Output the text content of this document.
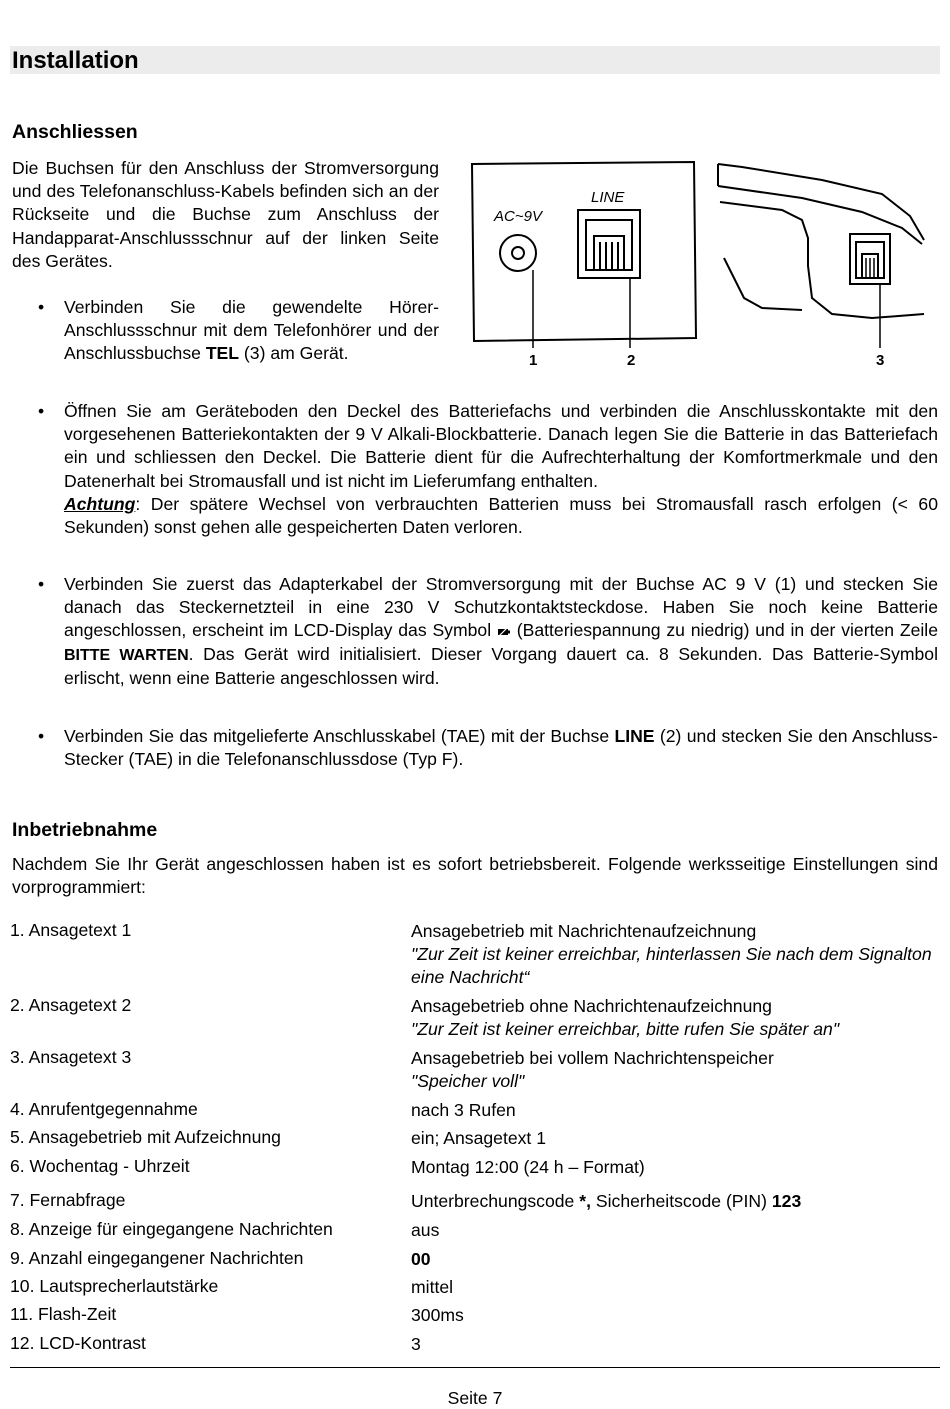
Installation
Anschliessen

Die Buchsen für den Anschluss der Stromversorgung und des Telefonanschluss-Kabels befinden sich an der Rückseite und die Buchse zum Anschluss der Handapparat-Anschlussschnur auf der linken Seite des Gerätes.

• Verbinden Sie die gewendelte Hörer-Anschlussschnur mit dem Telefonhörer und der Anschlussbuchse TEL (3) am Gerät.
AC~9V
LINE
1	2	3
• Öffnen Sie am Geräteboden den Deckel des Batteriefachs und verbinden die Anschlusskontakte mit den vorgesehenen Batteriekontakten der 9 V Alkali-Blockbatterie. Danach legen Sie die Batterie in das Batteriefach ein und schliessen den Deckel. Die Batterie dient für die Aufrechterhaltung der Komfortmerkmale und den Datenerhalt bei Stromausfall und ist nicht im Lieferumfang enthalten.
Achtung: Der spätere Wechsel von verbrauchten Batterien muss bei Stromausfall rasch erfolgen (< 60 Sekunden) sonst gehen alle gespeicherten Daten verloren.
• Verbinden Sie zuerst das Adapterkabel der Stromversorgung mit der Buchse AC 9 V (1) und stecken Sie danach das Steckernetzteil in eine 230 V Schutzkontaktsteckdose. Haben Sie noch keine Batterie angeschlossen, erscheint im LCD-Display das Symbol  (Batteriespannung zu niedrig) und in der vierten Zeile BITTE WARTEN. Das Gerät wird initialisiert. Dieser Vorgang dauert ca. 8 Sekunden. Das Batterie-Symbol erlischt, wenn eine Batterie angeschlossen wird.
• Verbinden Sie das mitgelieferte Anschlusskabel (TAE) mit der Buchse LINE (2) und stecken Sie den Anschluss-Stecker (TAE) in die Telefonanschlussdose (Typ F).
Inbetriebnahme

Nachdem Sie Ihr Gerät angeschlossen haben ist es sofort betriebsbereit. Folgende werksseitige Einstellungen sind vorprogrammiert:

1. Ansagetext 1	Ansagebetrieb mit Nachrichtenaufzeichnung
"Zur Zeit ist keiner erreichbar, hinterlassen Sie nach dem Signalton eine Nachricht“
2. Ansagetext 2	Ansagebetrieb ohne Nachrichtenaufzeichnung
"Zur Zeit ist keiner erreichbar, bitte rufen Sie später an"
3. Ansagetext 3	Ansagebetrieb bei vollem Nachrichtenspeicher
"Speicher voll"
4. Anrufentgegennahme	nach 3 Rufen
5. Ansagebetrieb mit Aufzeichnung	ein; Ansagetext 1
6. Wochentag - Uhrzeit	Montag 12:00 (24 h – Format)
7. Fernabfrage	Unterbrechungscode *, Sicherheitscode (PIN) 123
8. Anzeige für eingegangene Nachrichten	aus
9. Anzahl eingegangener Nachrichten	00
10. Lautsprecherlautstärke	mittel
11. Flash-Zeit	300ms
12. LCD-Kontrast	3
Seite 7
